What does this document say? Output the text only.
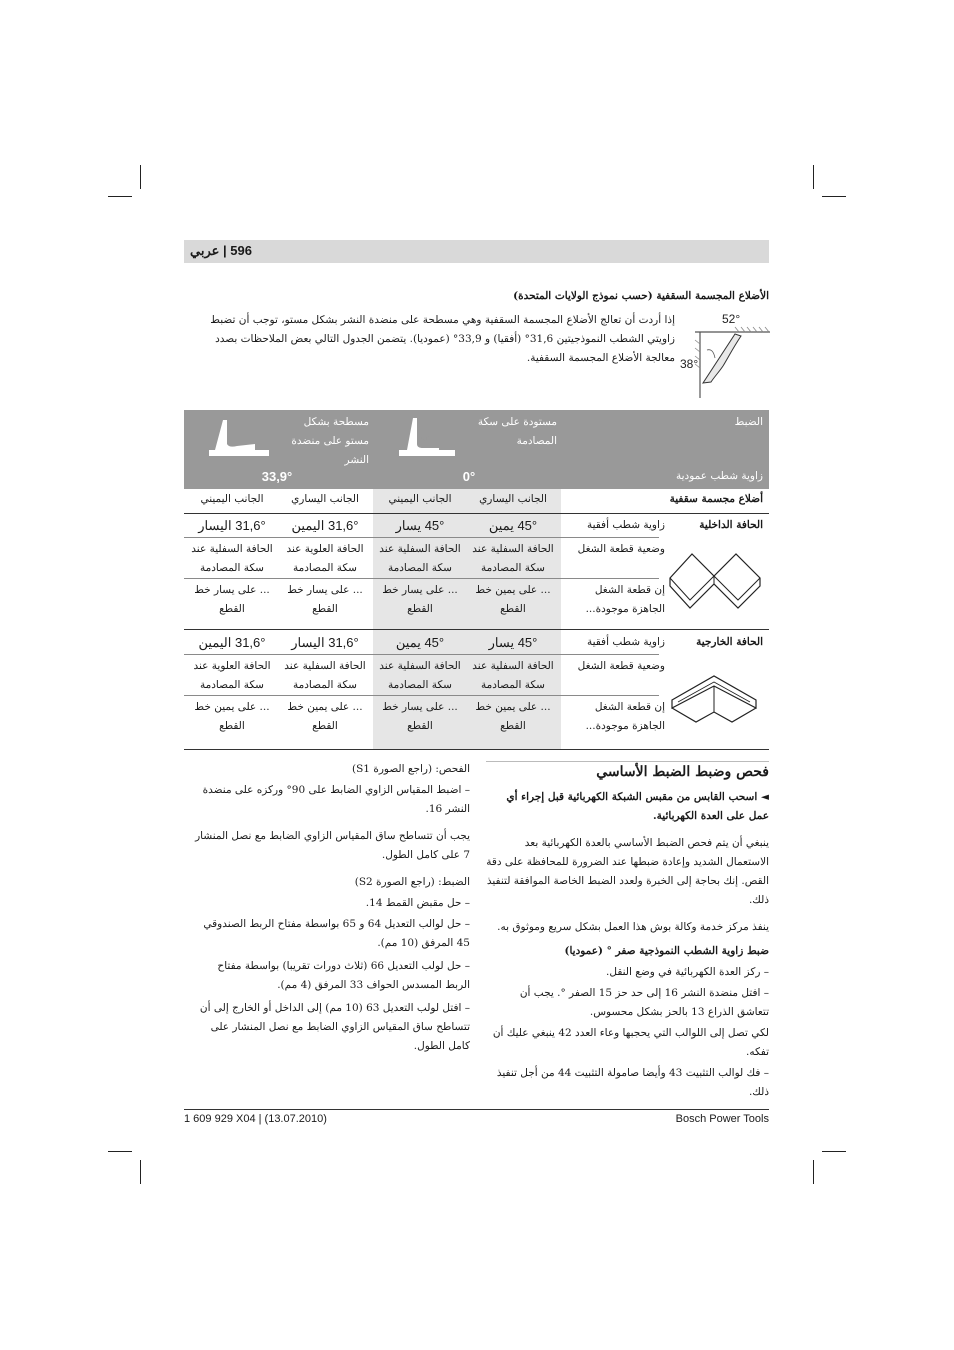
596 | عربي
الأضلاع المجسمة السقفية (حسب نموذج الولايات المتحدة)
إذا أردت أن تعالج الأضلاع المجسمة السقفية وهي مسطحة على منضدة النشر بشكل مستو، توجب أن تضبط زاويتي الشطب النموذجيتين 31,6° (أفقيا) و 33,9° (عموديا). يتضمن الجدول التالي بعض الملاحظات بصدد معالجة الأضلاع المجسمة السقفية.
52°
38°
الضبط
مستودة على سكة المصادمة
مسطحة بشكل مستو على منضدة النشر
52°
زاوية شطب عمودية
0°
33,9°
أضلاع مجسمة سقفية
الجانب اليساري
الجانب اليميني
الجانب اليساري
الجانب اليميني
الحافة الداخلية
زاوية شطب أفقية
45° يمين
45° يسار
31,6° اليمين
31,6° اليسار
وضعية قطعة الشغل
الحافة السفلية عند سكة المصادمة
الحافة السفلية عند سكة المصادمة
الحافة العلوية عند سكة المصادمة
الحافة السفلية عند سكة المصادمة
إن قطعة الشغل الجاهزة موجودة...
... على يمين خط القطع
... على يسار خط القطع
... على يسار خط القطع
... على يسار خط القطع
الحافة الخارجية
زاوية شطب أفقية
45° يسار
45° يمين
31,6° اليسار
31,6° اليمين
وضعية قطعة الشغل
الحافة السفلية عند سكة المصادمة
الحافة السفلية عند سكة المصادمة
الحافة السفلية عند سكة المصادمة
الحافة العلوية عند سكة المصادمة
إن قطعة الشغل الجاهزة موجودة...
... على يمين خط القطع
... على يسار خط القطع
... على يمين خط القطع
... على يمين خط القطع
فحص وضبط الضبط الأساسي
◄ اسحب القابس من مقبس الشبكة الكهربائية قبل إجراء أي عمل على العدة الكهربائية.
ينبغي أن يتم فحص الضبط الأساسي بالعدة الكهربائية بعد الاستعمال الشديد وإعادة ضبطها عند الضرورة للمحافظة على دقة القص. إنك بحاجة إلى الخبرة ولعدد الضبط الخاصة الموافقة لتنفيذ ذلك.
ينفذ مركز خدمة وكالة بوش هذا العمل بشكل سريع وموثوق به.
ضبط زاوية الشطب النموذجية صفر ° (عموديا)
– ركز العدة الكهربائية في وضع النقل.
– افتل منضدة النشر 16 إلى حد حز 15 الصفر °. يجب أن تتعاشق الذراع 13 بالحز بشكل محسوس.
لكي تصل إلى اللوالب التي يحجبها وعاء العدد 42 ينبغي عليك أن تفكه.
– فك لوالب التثبيت 43 وأيضا صامولة التثبيت 44 من أجل تنفيذ ذلك.
الفحص: (راجع الصورة S1)
– اضبط المقياس الزاوي الضابط على 90° وركزه على منضدة النشر 16.
يجب أن تتساطح ساق المقياس الزاوي الضابط مع نصل المنشار 7 على كامل الطول.
الضبط: (راجع الصورة S2)
– حل مقبض القمط 14.
– حل لوالب التعديل 64 و 65 بواسطة مفتاح الربط الصندوقي 45 المرفق (10 مم).
– حل لولب التعديل 66 (ثلاث دورات تقريبا) بواسطة مفتاح الربط المسدس الحواف 33 المرفق (4 مم).
– افتل لولب التعديل 63 (10 مم) إلى الداخل أو الخارج إلى أن تتساطح ساق المقياس الزاوي الضابط مع نصل المنشار على كامل الطول.
1 609 929 X04 | (13.07.2010)	Bosch Power Tools
